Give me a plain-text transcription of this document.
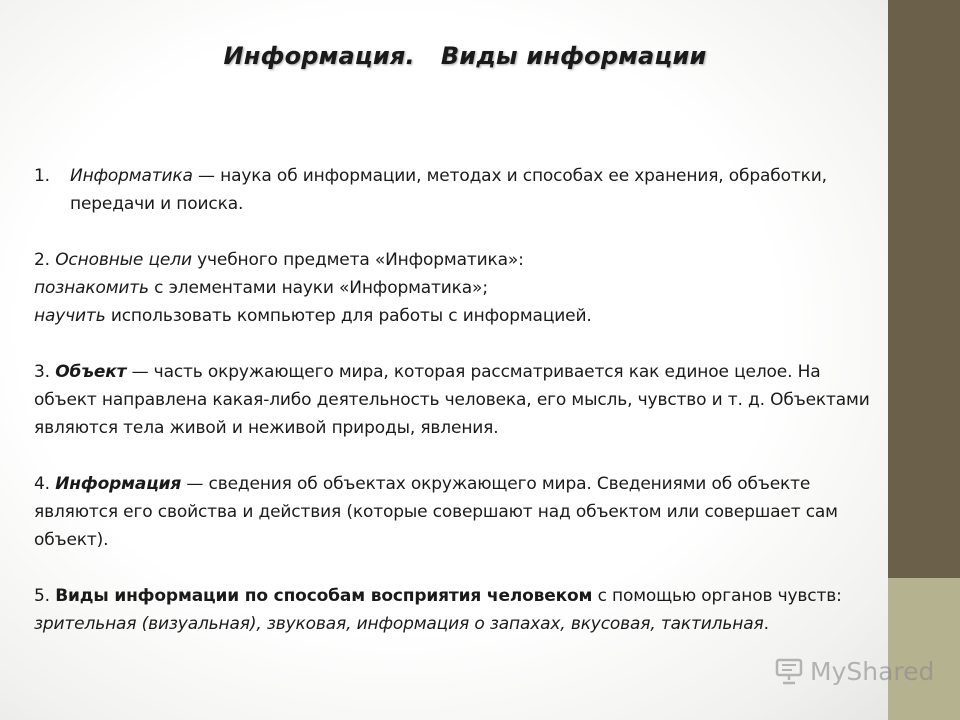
Информация. Виды информации
1.	Информатика — наука об информации, методах и способах ее хранения, обработки, передачи и поиска.

2. Основные цели учебного предмета «Информатика»:

познакомить с элементами науки «Информатика»;

научить использовать компьютер для работы с информацией.

3. Объект — часть окружающего мира, которая рассматривается как единое целое. На объект направлена какая-либо деятельность человека, его мысль, чувство и т. д. Объектами являются тела живой и неживой природы, явления.

4. Информация — сведения об объектах окружающего мира. Сведениями об объекте являются его свойства и действия (которые совершают над объектом или совершает сам объект).

5. Виды информации по способам восприятия человеком с помощью органов чувств: зрительная (визуальная), звуковая, информация о запахах, вкусовая, тактильная.

MyShared
